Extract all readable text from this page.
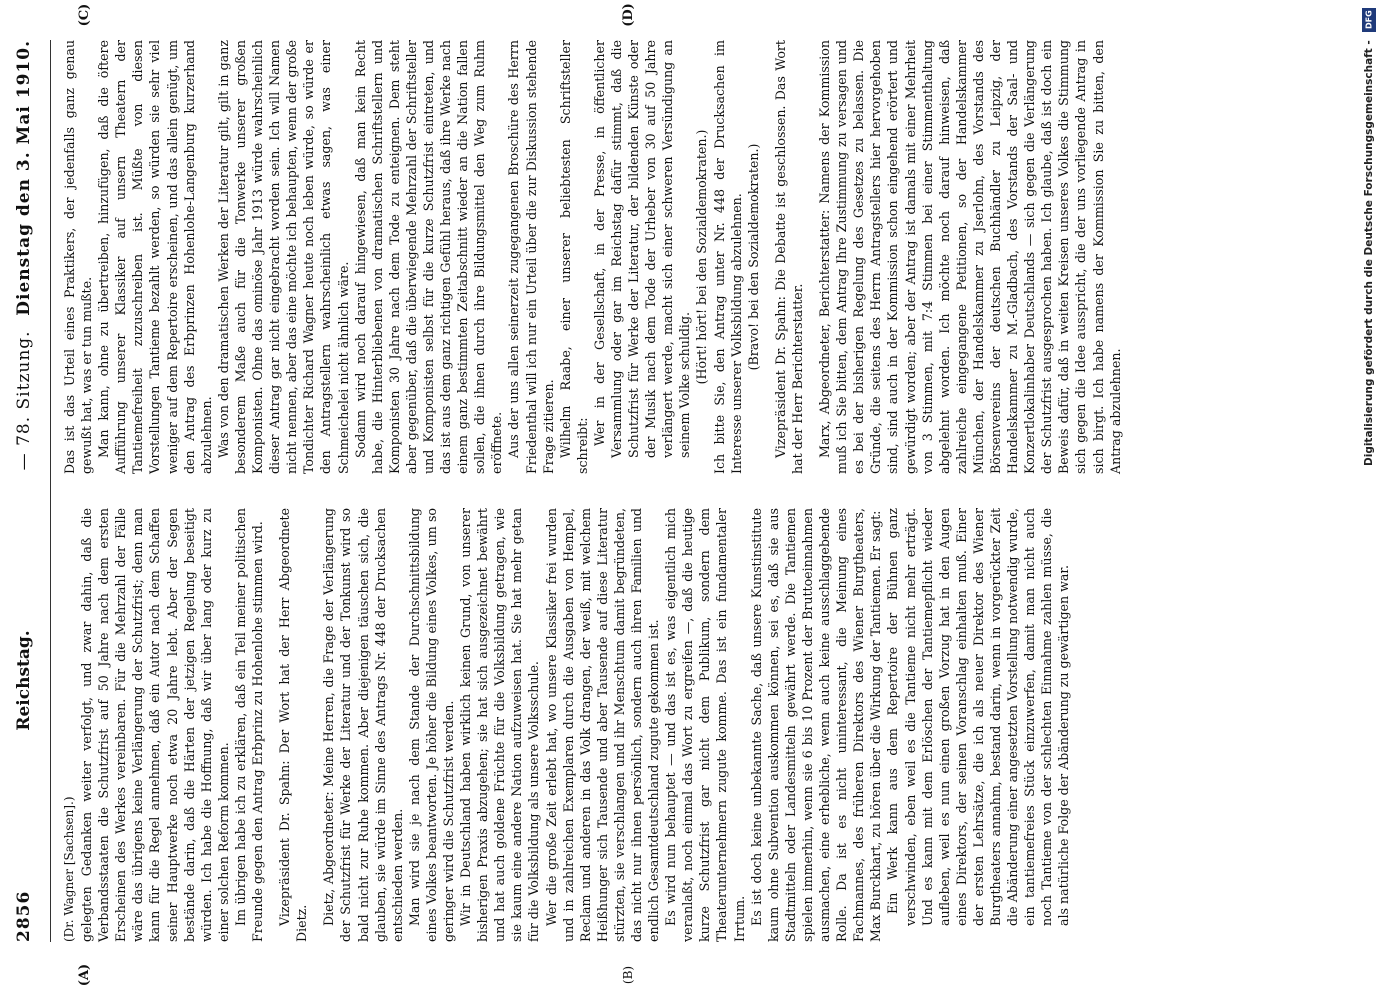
2856
Reichstag.
— 78. Sitzung.
Dienstag den 3. Mai 1910.
(A)	(B)
(C)	(D)

(Dr. Wagner [Sachsen].) gelegten Gedanken weiter verfolgt, und zwar dahin, daß die Verbandsstaaten die Schutzfrist auf 50 Jahre nach dem ersten Erscheinen des Werkes vereinbaren. Für die Mehrzahl der Fälle wäre das übrigens keine Verlängerung der Schutzfrist; denn man kann für die Regel annehmen, daß ein Autor nach dem Schaffen seiner Hauptwerke noch etwa 20 Jahre lebt. Aber der Segen bestände darin, daß die Härten der jetzigen Regelung beseitigt würden. Ich habe die Hoffnung, daß wir über lang oder kurz zu einer solchen Reform kommen. Im übrigen habe ich zu erklären, daß ein Teil meiner politischen Freunde gegen den Antrag Erbprinz zu Hohenlohe stimmen wird. Vizepräsident Dr. Spahn: Der Wort hat der Herr Abgeordnete Dietz. Dietz, Abgeordneter: Meine Herren, die Frage der Verlängerung der Schutzfrist für Werke der Literatur und der Tonkunst wird so bald nicht zur Ruhe kommen. Aber diejenigen täuschen sich, die glauben, sie würde im Sinne des Antrags Nr. 448 der Drucksachen entschieden werden. Man wird sie je nach dem Stande der Durchschnittsbildung eines Volkes beantworten. Je höher die Bildung eines Volkes, um so geringer wird die Schutzfrist werden. Wir in Deutschland haben wirklich keinen Grund, von unserer bisherigen Praxis abzugehen; sie hat sich ausgezeichnet bewährt und hat auch goldene Früchte für die Volksbildung getragen, wie sie kaum eine andere Nation aufzuweisen hat. Sie hat mehr getan für die Volksbildung als unsere Volksschule. Wer die große Zeit erlebt hat, wo unsere Klassiker frei wurden und in zahlreichen Exemplaren durch die Ausgaben von Hempel, Reclam und anderen in das Volk drangen, der weiß, mit welchem Heißhunger sich Tausende und aber Tausende auf diese Literatur stürzten, sie verschlangen und ihr Menschtum damit begründeten, das nicht nur ihnen persönlich, sondern auch ihren Familien und endlich Gesamtdeutschland zugute gekommen ist. Es wird nun behauptet — und das ist es, was eigentlich mich veranlaßt, noch einmal das Wort zu ergreifen —, daß die heutige kurze Schutzfrist gar nicht dem Publikum, sondern dem Theaterunternehmern zugute komme. Das ist ein fundamentaler Irrtum. Es ist doch keine unbekannte Sache, daß unsere Kunstinstitute kaum ohne Subvention auskommen können, sei es, daß sie aus Stadtmitteln oder Landesmitteln gewährt werde. Die Tantiemen spielen immerhin, wenn sie 6 bis 10 Prozent der Bruttoeinnahmen ausmachen, eine erhebliche, wenn auch keine ausschlaggebende Rolle. Da ist es nicht uninteressant, die Meinung eines Fachmannes, des früheren Direktors des Wiener Burgtheaters, Max Burckhart, zu hören über die Wirkung der Tantiemen. Er sagt: Ein Werk kann aus dem Repertoire der Bühnen ganz verschwinden, eben weil es die Tantieme nicht mehr erträgt. Und es kann mit dem Erlöschen der Tantiemepflicht wieder aufleben, weil es nun einen großen Vorzug hat in den Augen eines Direktors, der seinen Voranschlag einhalten muß. Einer der ersten Lehrsätze, die ich als neuer Direktor des Wiener Burgtheaters annahm, bestand darin, wenn in vorgerückter Zeit die Abänderung einer angesetzten Vorstellung notwendig wurde, ein tantiemefreies Stück einzuwerfen, damit man nicht auch noch Tantieme von der schlechten Einnahme zahlen müsse, die als natürliche Folge der Abänderung zu gewärtigen war.

Das ist das Urteil eines Praktikers, der jedenfalls ganz genau gewußt hat, was er tun mußte. Man kann, ohne zu übertreiben, hinzufügen, daß die öftere Aufführung unserer Klassiker auf unsern Theatern der Tantiemefreiheit zuzuschreiben ist. Müßte von diesen Vorstellungen Tantieme bezahlt werden, so würden sie sehr viel weniger auf dem Repertoire erscheinen, und das allein genügt, um den Antrag des Erbprinzen Hohenlohe-Langenburg kurzerhand abzulehnen. Was von den dramatischen Werken der Literatur gilt, gilt in ganz besonderem Maße auch für die Tonwerke unserer großen Komponisten. Ohne das ominöse Jahr 1913 würde wahrscheinlich dieser Antrag gar nicht eingebracht worden sein. Ich will Namen nicht nennen, aber das eine möchte ich behaupten, wenn der große Tondichter Richard Wagner heute noch leben würde, so würde er den Antragstellern wahrscheinlich etwas sagen, was einer Schmeichelei nicht ähnlich wäre. Sodann wird noch darauf hingewiesen, daß man kein Recht habe, die Hinterbliebenen von dramatischen Schriftstellern und Komponisten 30 Jahre nach dem Tode zu enteignen. Dem steht aber gegenüber, daß die überwiegende Mehrzahl der Schriftsteller und Komponisten selbst für die kurze Schutzfrist eintreten, und das ist aus dem ganz richtigen Gefühl heraus, daß ihre Werke nach einem ganz bestimmten Zeitabschnitt wieder an die Nation fallen sollen, die ihnen durch ihre Bildungsmittel den Weg zum Ruhm eröffnete. Aus der uns allen seinerzeit zugegangenen Broschüre des Herrn Friedenthal will ich nur ein Urteil über die zur Diskussion stehende Frage zitieren. Wilhelm Raabe, einer unserer beliebtesten Schriftsteller schreibt: Wer in der Gesellschaft, in der Presse, in öffentlicher Versammlung oder gar im Reichstag dafür stimmt, daß die Schutzfrist für Werke der Literatur, der bildenden Künste oder der Musik nach dem Tode der Urheber von 30 auf 50 Jahre verlängert werde, macht sich einer schweren Versündigung an seinem Volke schuldig.

(Hört! hört! bei den Sozialdemokraten.) Ich bitte Sie, den Antrag unter Nr. 448 der Drucksachen im Interesse unserer Volksbildung abzulehnen. (Bravo! bei den Sozialdemokraten.) Vizepräsident Dr. Spahn: Die Debatte ist geschlossen. Das Wort hat der Herr Berichterstatter. Marx, Abgeordneter, Berichterstatter: Namens der Kommission muß ich Sie bitten, dem Antrag Ihre Zustimmung zu versagen und es bei der bisherigen Regelung des Gesetzes zu belassen. Die Gründe, die seitens des Herrn Antragstellers hier hervorgehoben sind, sind auch in der Kommission schon eingehend erörtert und gewürdigt worden; aber der Antrag ist damals mit einer Mehrheit von 3 Stimmen, mit 7:4 Stimmen bei einer Stimmenthaltung abgelehnt worden. Ich möchte noch darauf hinweisen, daß zahlreiche eingegangene Petitionen, so der Handelskammer München, der Handelskammer zu Jserlohn, des Vorstands des Börsenvereins der deutschen Buchhändler zu Leipzig, der Handelskammer zu M.-Gladbach, des Vorstands der Saal- und Konzertlokalinhaber Deutschlands — sich gegen die Verlängerung der Schutzfrist ausgesprochen haben. Ich glaube, daß ist doch ein Beweis dafür, daß in weiten Kreisen unseres Volkes die Stimmung sich gegen die Idee ausspricht, die der uns vorliegende Antrag in sich birgt. Ich habe namens der Kommission Sie zu bitten, den Antrag abzulehnen.

DFG
Digitalisierung gefördert durch die Deutsche Forschungsgemeinschaft -
